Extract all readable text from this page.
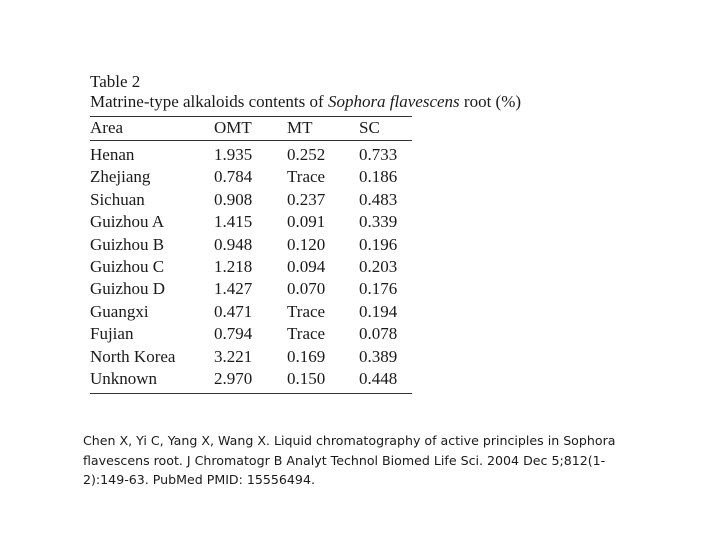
Table 2
Matrine-type alkaloids contents of Sophora flavescens root (%)
Area	OMT	MT	SC
Henan	1.935	0.252	0.733
Zhejiang	0.784	Trace	0.186
Sichuan	0.908	0.237	0.483
Guizhou A	1.415	0.091	0.339
Guizhou B	0.948	0.120	0.196
Guizhou C	1.218	0.094	0.203
Guizhou D	1.427	0.070	0.176
Guangxi	0.471	Trace	0.194
Fujian	0.794	Trace	0.078
North Korea	3.221	0.169	0.389
Unknown	2.970	0.150	0.448
Chen X, Yi C, Yang X, Wang X. Liquid chromatography of active principles in Sophora flavescens root. J Chromatogr B Analyt Technol Biomed Life Sci. 2004 Dec 5;812(1-2):149-63. PubMed PMID: 15556494.
